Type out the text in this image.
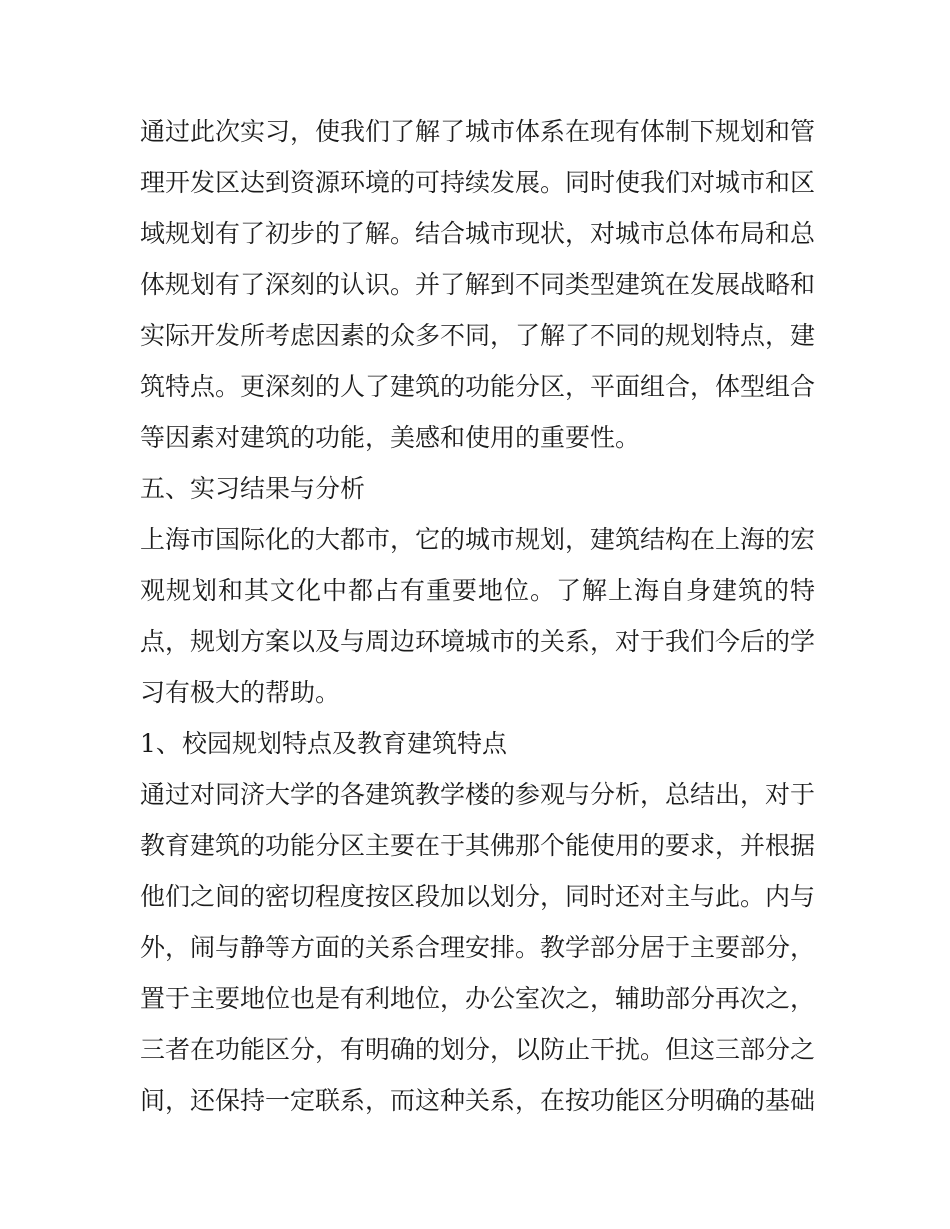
通过此次实习，使我们了解了城市体系在现有体制下规划和管理开发区达到资源环境的可持续发展。同时使我们对城市和区域规划有了初步的了解。结合城市现状，对城市总体布局和总体规划有了深刻的认识。并了解到不同类型建筑在发展战略和实际开发所考虑因素的众多不同，了解了不同的规划特点，建筑特点。更深刻的人了建筑的功能分区，平面组合，体型组合等因素对建筑的功能，美感和使用的重要性。

五、实习结果与分析

上海市国际化的大都市，它的城市规划，建筑结构在上海的宏观规划和其文化中都占有重要地位。了解上海自身建筑的特点，规划方案以及与周边环境城市的关系，对于我们今后的学习有极大的帮助。

1、校园规划特点及教育建筑特点

通过对同济大学的各建筑教学楼的参观与分析，总结出，对于教育建筑的功能分区主要在于其佛那个能使用的要求，并根据他们之间的密切程度按区段加以划分，同时还对主与此。内与外，闹与静等方面的关系合理安排。教学部分居于主要部分，置于主要地位也是有利地位，办公室次之，辅助部分再次之，三者在功能区分，有明确的划分，以防止干扰。但这三部分之间，还保持一定联系，而这种关系，在按功能区分明确的基础
